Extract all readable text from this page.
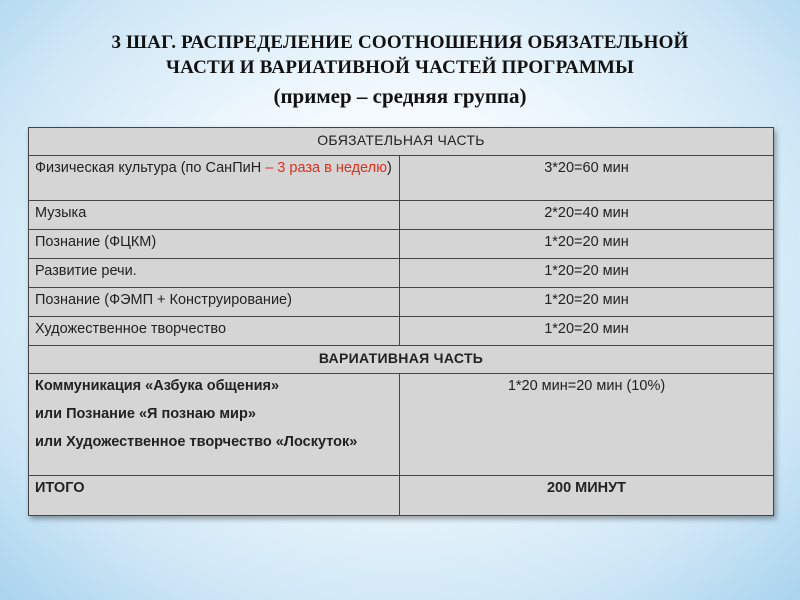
3 ШАГ. РАСПРЕДЕЛЕНИЕ СООТНОШЕНИЯ ОБЯЗАТЕЛЬНОЙ
ЧАСТИ И ВАРИАТИВНОЙ ЧАСТЕЙ ПРОГРАММЫ
(пример – средняя группа)
ОБЯЗАТЕЛЬНАЯ ЧАСТЬ	
Физическая культура (по СанПиН – 3 раза в неделю)	3*20=60 мин
Музыка	2*20=40 мин
Познание (ФЦКМ)	1*20=20 мин
Развитие речи.	1*20=20 мин
Познание (ФЭМП + Конструирование)	1*20=20 мин
Художественное творчество	1*20=20 мин
ВАРИАТИВНАЯ ЧАСТЬ	

Коммуникация «Азбука общения»
или Познание «Я познаю мир»
или Художественное творчество «Лоскуток»	1*20 мин=20 мин (10%)
ИТОГО	200 МИНУТ
